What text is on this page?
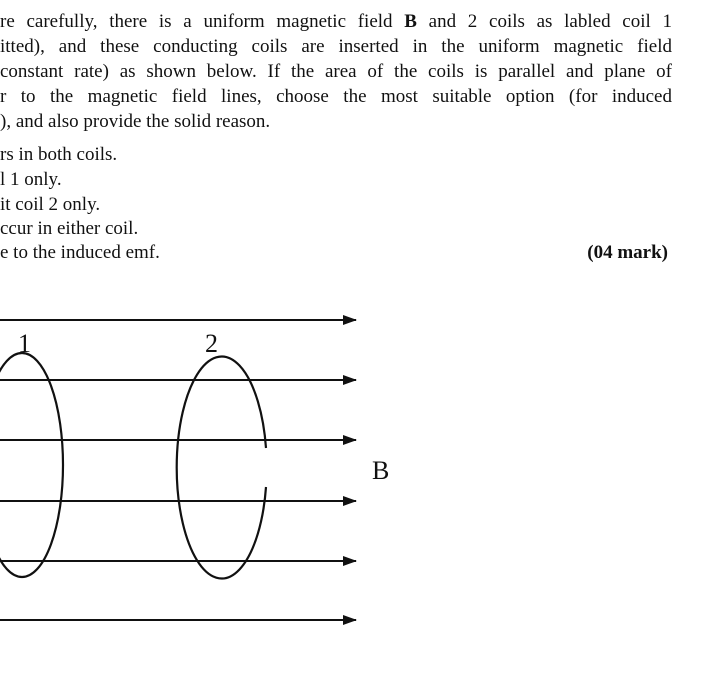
re carefully, there is a uniform magnetic field B and 2 coils as labled coil 1
itted), and these conducting coils are inserted in the uniform magnetic field
constant rate) as shown below. If the area of the coils is parallel and plane of
r to the magnetic field lines, choose the most suitable option (for induced
), and also provide the solid reason.
rs in both coils.
l 1 only.
it coil 2 only.
ccur in either coil.
e to the induced emf.	(04 mark)
1	2
B
